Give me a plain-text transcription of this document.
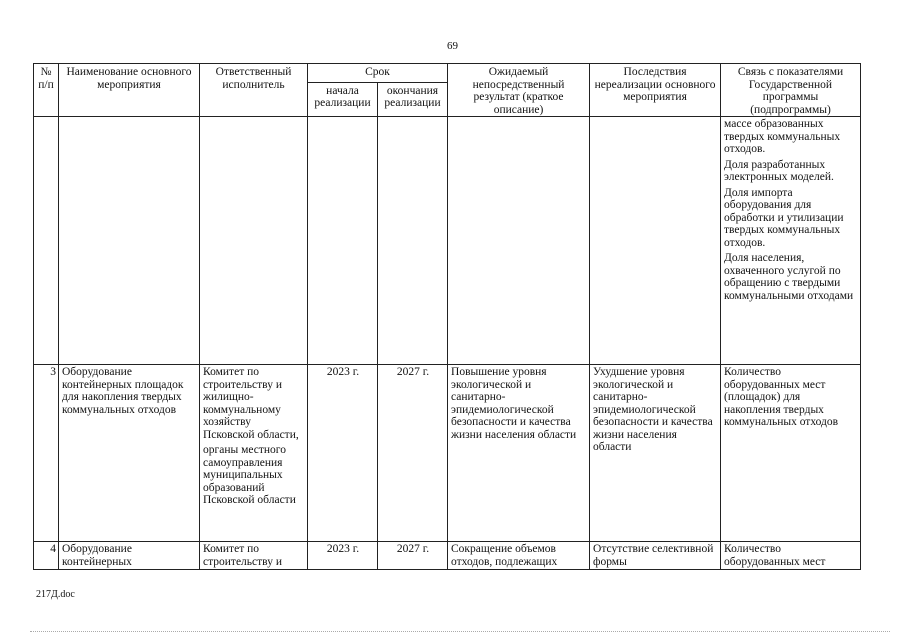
69
№ п/п	Наименование основного мероприятия	Ответственный исполнитель	Срок		Ожидаемый непосредственный результат (краткое описание)	Последствия нереализации основного мероприятия	Связь с показателями Государственной программы (подпрограммы)
			начала реализации	окончания реализации			

							массе образованных твердых коммунальных отходов.
Доля разработанных электронных моделей.
Доля импорта оборудования для обработки и утилизации твердых коммунальных отходов.
Доля населения, охваченного услугой по обращению с твердыми коммунальными отходами

3	Оборудование контейнерных площадок для накопления твердых коммунальных отходов	Комитет по строительству и жилищно-коммунальному хозяйству Псковской области,
органы местного самоуправления муниципальных образований Псковской области	2023 г.	2027 г.	Повышение уровня экологической и санитарно-эпидемиологической безопасности и качества жизни населения области	Ухудшение уровня экологической и санитарно-эпидемиологической безопасности и качества жизни населения области	Количество оборудованных мест (площадок) для накопления твердых коммунальных отходов
4	Оборудование контейнерных	Комитет по строительству и	2023 г.	2027 г.	Сокращение объемов отходов, подлежащих	Отсутствие селективной формы	Количество оборудованных мест
217Д.doc
